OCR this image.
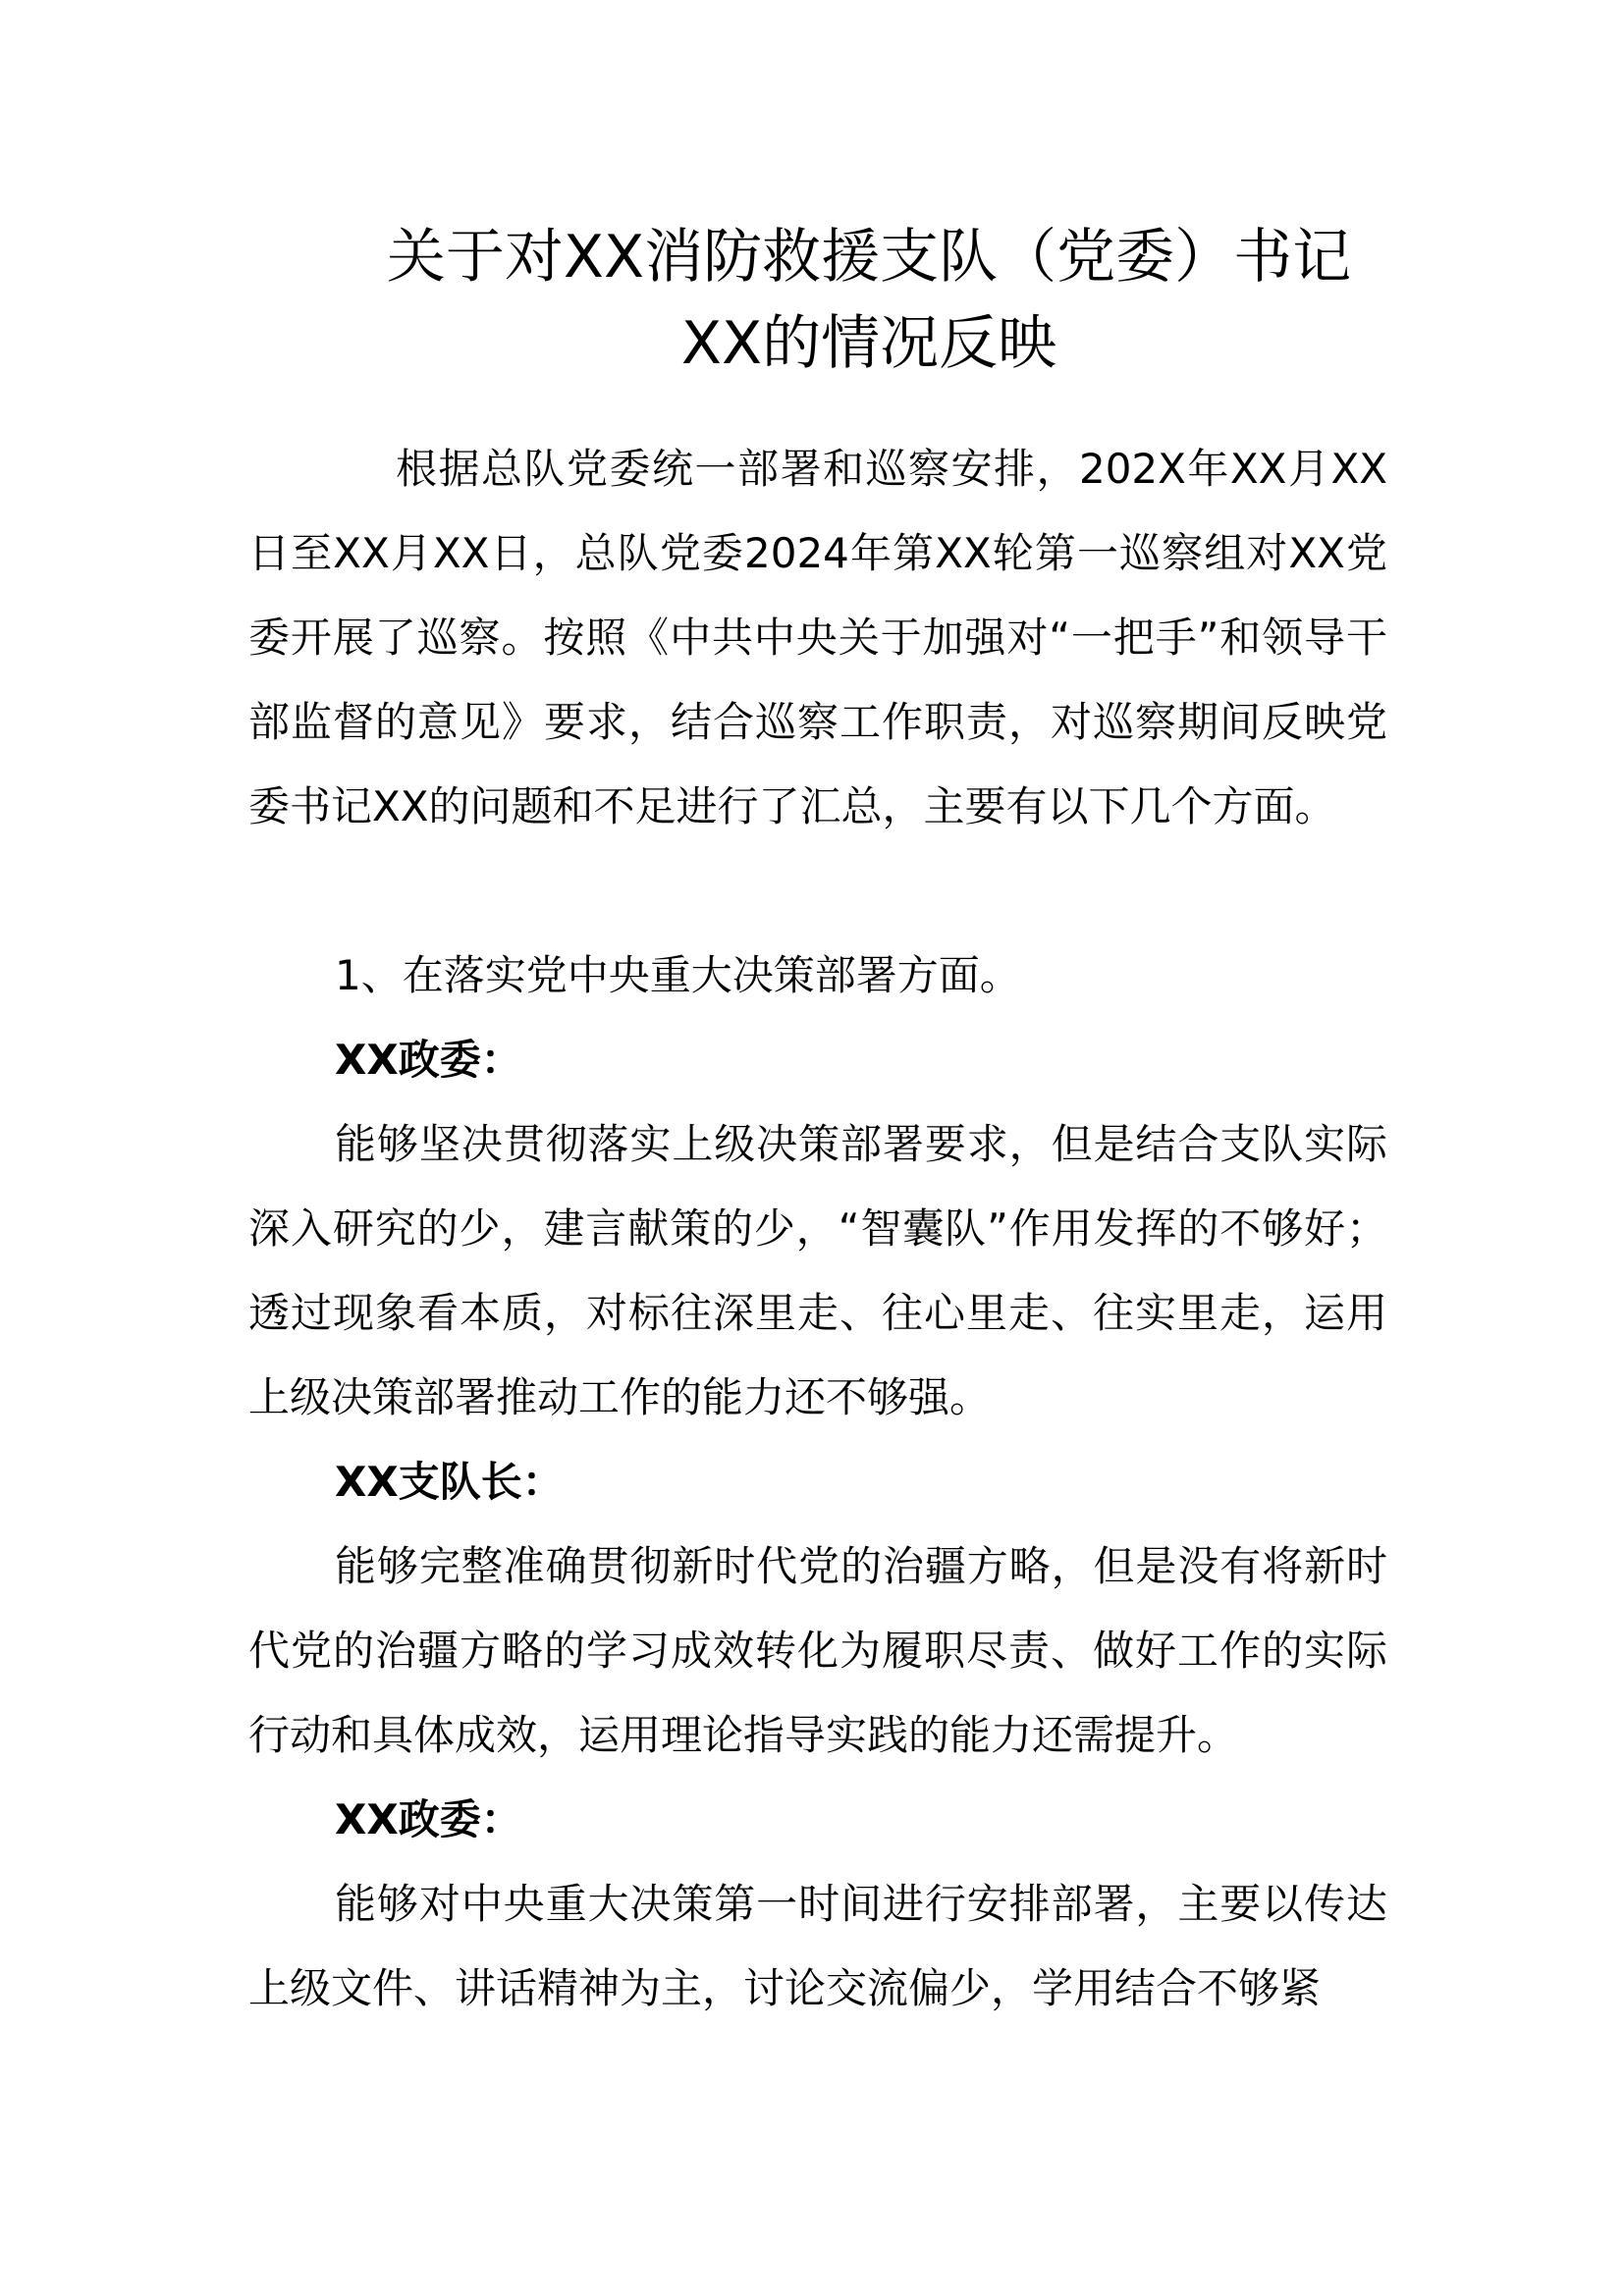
关于对XX消防救援支队（党委）书记
XX的情况反映

根据总队党委统一部署和巡察安排，202X年XX月XX日至XX月XX日，总队党委2024年第XX轮第一巡察组对XX党委开展了巡察。按照《中共中央关于加强对“一把手”和领导干部监督的意见》要求，结合巡察工作职责，对巡察期间反映党委书记XX的问题和不足进行了汇总，主要有以下几个方面。

1、在落实党中央重大决策部署方面。

XX政委：

能够坚决贯彻落实上级决策部署要求，但是结合支队实际深入研究的少，建言献策的少，“智囊队”作用发挥的不够好；透过现象看本质，对标往深里走、往心里走、往实里走，运用上级决策部署推动工作的能力还不够强。

XX支队长：

能够完整准确贯彻新时代党的治疆方略，但是没有将新时代党的治疆方略的学习成效转化为履职尽责、做好工作的实际行动和具体成效，运用理论指导实践的能力还需提升。

XX政委：

能够对中央重大决策第一时间进行安排部署，主要以传达上级文件、讲话精神为主，讨论交流偏少，学用结合不够紧
